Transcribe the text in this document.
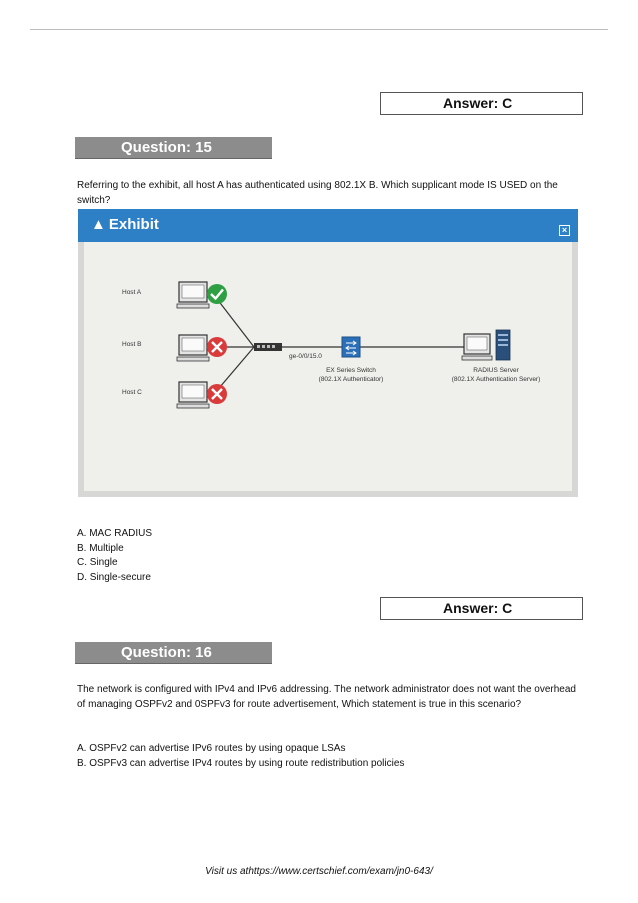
Answer: C
Question: 15
Referring to the exhibit, all host A has authenticated using 802.1X B. Which supplicant mode IS USED on the switch?
▲ Exhibit	×
Host A
Host B
Host C
ge-0/0/15.0
EX Series Switch
(802.1X Authenticator)
RADIUS Server
(802.1X Authentication Server)
A. MAC RADIUS
B. Multiple
C. Single
D. Single-secure
Answer: C
Question: 16
The network is configured with IPv4 and IPv6 addressing. The network administrator does not want the overhead of managing OSPFv2 and 0SPFv3 for route advertisement, Which statement is true in this scenario?
A. OSPFv2 can advertise IPv6 routes by using opaque LSAs
B. OSPFv3 can advertise IPv4 routes by using route redistribution policies
Visit us athttps://www.certschief.com/exam/jn0-643/
